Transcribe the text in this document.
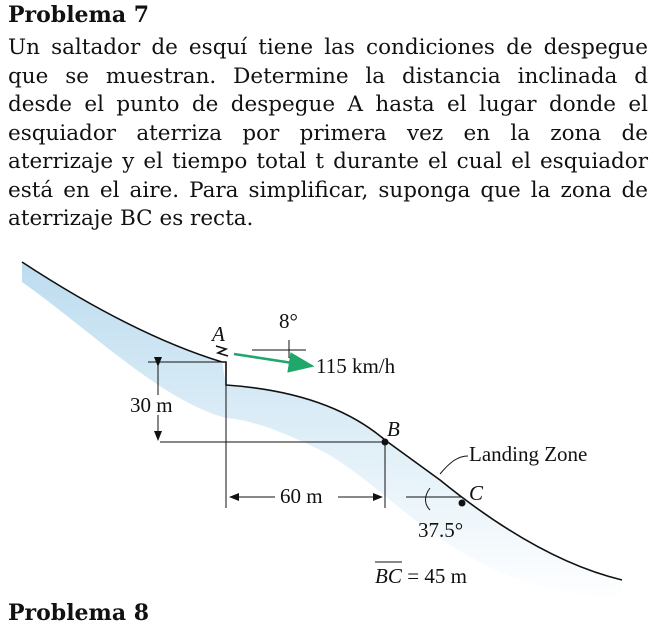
Problema 7
Un saltador de esquí tiene las condiciones de despegue
que se muestran. Determine la distancia inclinada d
desde el punto de despegue A hasta el lugar donde el
esquiador aterriza por primera vez en la zona de
aterrizaje y el tiempo total t durante el cual el esquiador
está en el aire. Para simplificar, suponga que la zona de
aterrizaje BC es recta.
A
8°
115 km/h
30 m
B
Landing Zone
60 m	C
37.5°
BC = 45 m
Problema 8
